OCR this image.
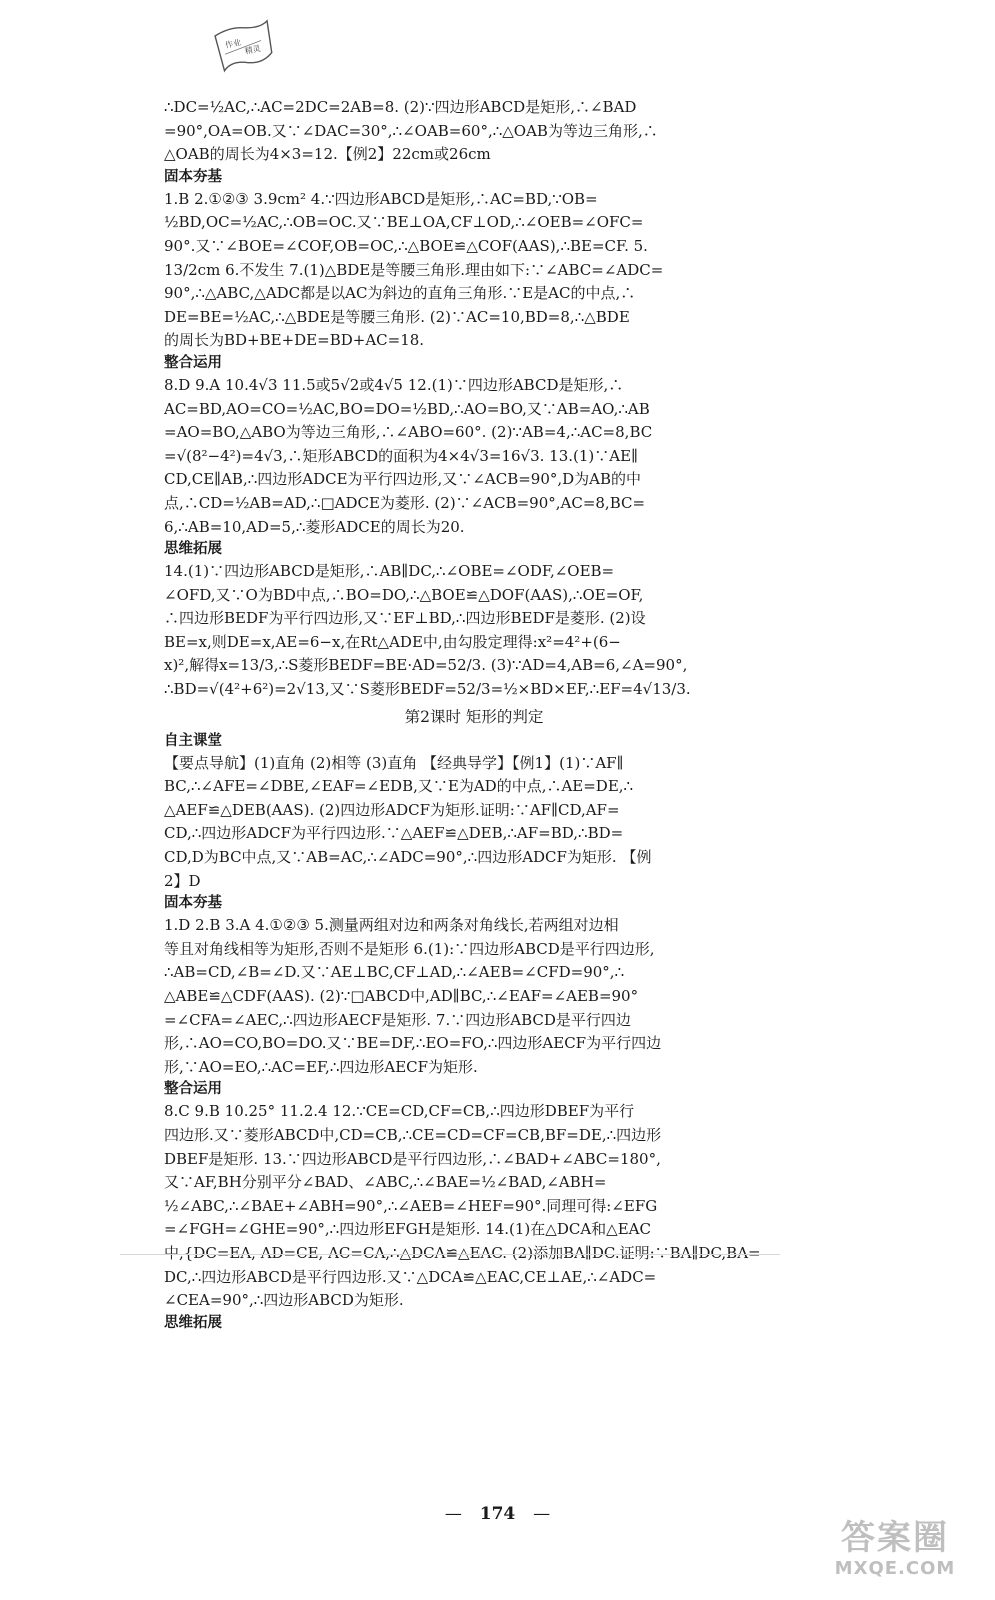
作业 精灵
∴DC=½AC,∴AC=2DC=2AB=8. (2)∵四边形ABCD是矩形,∴∠BAD
=90°,OA=OB.又∵∠DAC=30°,∴∠OAB=60°,∴△OAB为等边三角形,∴
△OAB的周长为4×3=12.【例2】22cm或26cm
固本夯基
1.B 2.①②③ 3.9cm² 4.∵四边形ABCD是矩形,∴AC=BD,∵OB=
½BD,OC=½AC,∴OB=OC.又∵BE⊥OA,CF⊥OD,∴∠OEB=∠OFC=
90°.又∵∠BOE=∠COF,OB=OC,∴△BOE≌△COF(AAS),∴BE=CF. 5.
13/2cm 6.不发生 7.(1)△BDE是等腰三角形.理由如下:∵∠ABC=∠ADC=
90°,∴△ABC,△ADC都是以AC为斜边的直角三角形.∵E是AC的中点,∴
DE=BE=½AC,∴△BDE是等腰三角形. (2)∵AC=10,BD=8,∴△BDE
的周长为BD+BE+DE=BD+AC=18.
整合运用
8.D 9.A 10.4√3 11.5或5√2或4√5 12.(1)∵四边形ABCD是矩形,∴
AC=BD,AO=CO=½AC,BO=DO=½BD,∴AO=BO,又∵AB=AO,∴AB
=AO=BO,△ABO为等边三角形,∴∠ABO=60°. (2)∵AB=4,∴AC=8,BC
=√(8²−4²)=4√3,∴矩形ABCD的面积为4×4√3=16√3. 13.(1)∵AE∥
CD,CE∥AB,∴四边形ADCE为平行四边形,又∵∠ACB=90°,D为AB的中
点,∴CD=½AB=AD,∴□ADCE为菱形. (2)∵∠ACB=90°,AC=8,BC=
6,∴AB=10,AD=5,∴菱形ADCE的周长为20.
思维拓展
14.(1)∵四边形ABCD是矩形,∴AB∥DC,∴∠OBE=∠ODF,∠OEB=
∠OFD,又∵O为BD中点,∴BO=DO,∴△BOE≌△DOF(AAS),∴OE=OF,
∴四边形BEDF为平行四边形,又∵EF⊥BD,∴四边形BEDF是菱形. (2)设
BE=x,则DE=x,AE=6−x,在Rt△ADE中,由勾股定理得:x²=4²+(6−
x)²,解得x=13/3,∴S菱形BEDF=BE·AD=52/3. (3)∵AD=4,AB=6,∠A=90°,
∴BD=√(4²+6²)=2√13,又∵S菱形BEDF=52/3=½×BD×EF,∴EF=4√13/3.
第2课时 矩形的判定
自主课堂
【要点导航】(1)直角 (2)相等 (3)直角 【经典导学】【例1】(1)∵AF∥
BC,∴∠AFE=∠DBE,∠EAF=∠EDB,又∵E为AD的中点,∴AE=DE,∴
△AEF≌△DEB(AAS). (2)四边形ADCF为矩形.证明:∵AF∥CD,AF=
CD,∴四边形ADCF为平行四边形.∵△AEF≌△DEB,∴AF=BD,∴BD=
CD,D为BC中点,又∵AB=AC,∴∠ADC=90°,∴四边形ADCF为矩形. 【例
2】D
固本夯基
1.D 2.B 3.A 4.①②③ 5.测量两组对边和两条对角线长,若两组对边相
等且对角线相等为矩形,否则不是矩形 6.(1):∵四边形ABCD是平行四边形,
∴AB=CD,∠B=∠D.又∵AE⊥BC,CF⊥AD,∴∠AEB=∠CFD=90°,∴
△ABE≌△CDF(AAS). (2)∵□ABCD中,AD∥BC,∴∠EAF=∠AEB=90°
=∠CFA=∠AEC,∴四边形AECF是矩形. 7.∵四边形ABCD是平行四边
形,∴AO=CO,BO=DO.又∵BE=DF,∴EO=FO,∴四边形AECF为平行四边
形,∵AO=EO,∴AC=EF,∴四边形AECF为矩形.
整合运用
8.C 9.B 10.25° 11.2.4 12.∵CE=CD,CF=CB,∴四边形DBEF为平行
四边形.又∵菱形ABCD中,CD=CB,∴CE=CD=CF=CB,BF=DE,∴四边形
DBEF是矩形. 13.∵四边形ABCD是平行四边形,∴∠BAD+∠ABC=180°,
又∵AF,BH分别平分∠BAD、∠ABC,∴∠BAE=½∠BAD,∠ABH=
½∠ABC,∴∠BAE+∠ABH=90°,∴∠AEB=∠HEF=90°.同理可得:∠EFG
=∠FGH=∠GHE=90°,∴四边形EFGH是矩形. 14.(1)在△DCA和△EAC
中,{DC=EA, AD=CE, AC=CA,∴△DCA≌△EAC. (2)添加BA∥DC.证明:∵BA∥DC,BA=
DC,∴四边形ABCD是平行四边形.又∵△DCA≌△EAC,CE⊥AE,∴∠ADC=
∠CEA=90°,∴四边形ABCD为矩形.
思维拓展
— 174 —
答案圈
MXQE.COM
